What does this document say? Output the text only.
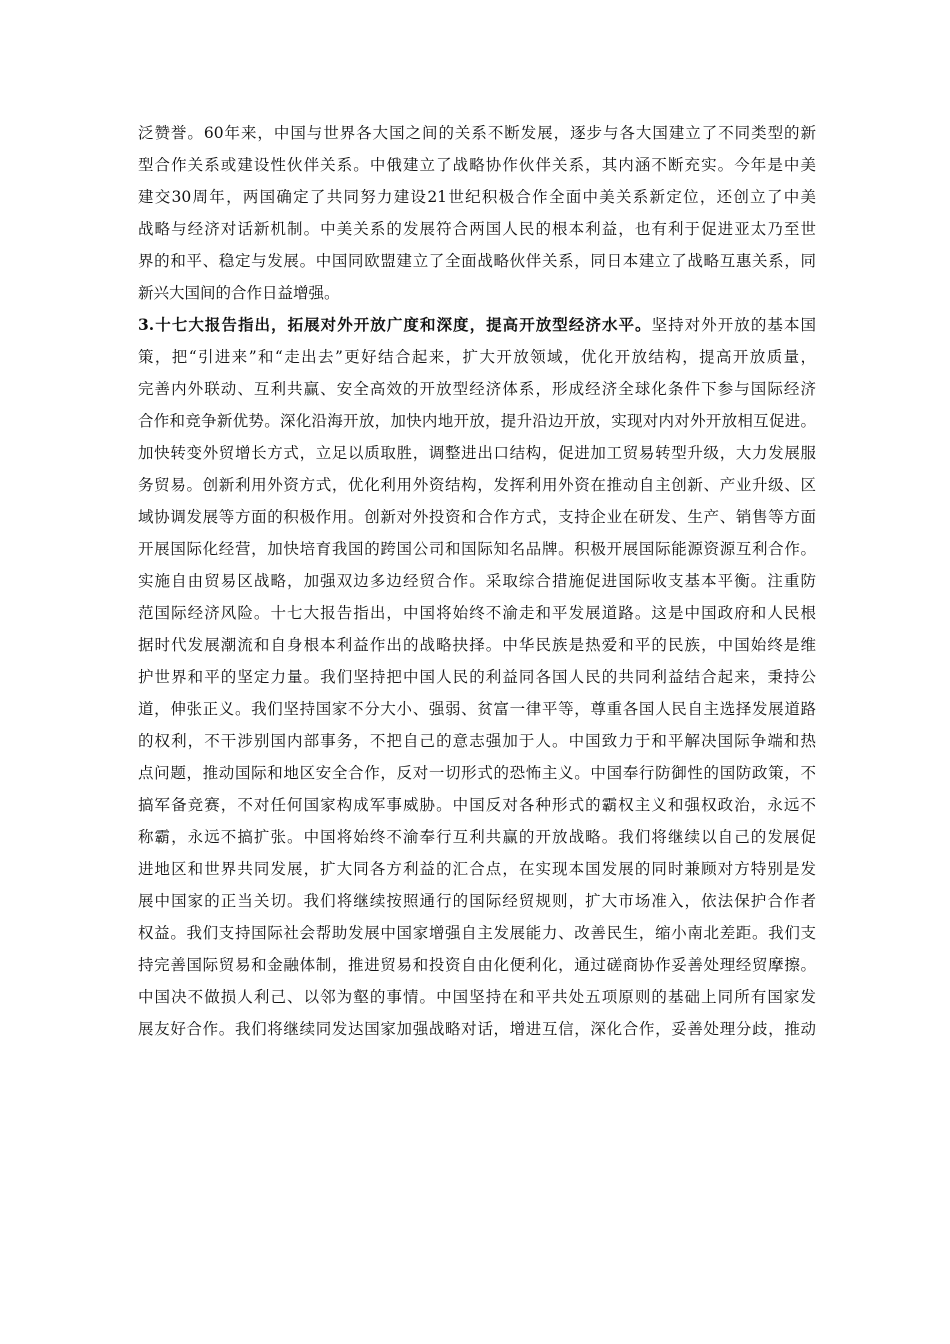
泛赞誉。60年来，中国与世界各大国之间的关系不断发展，逐步与各大国建立了不同类型的新
型合作关系或建设性伙伴关系。中俄建立了战略协作伙伴关系，其内涵不断充实。今年是中美
建交30周年，两国确定了共同努力建设21世纪积极合作全面中美关系新定位，还创立了中美
战略与经济对话新机制。中美关系的发展符合两国人民的根本利益，也有利于促进亚太乃至世
界的和平、稳定与发展。中国同欧盟建立了全面战略伙伴关系，同日本建立了战略互惠关系，同
新兴大国间的合作日益增强。
3.十七大报告指出，拓展对外开放广度和深度，提高开放型经济水平。坚持对外开放的基本国
策，把“引进来”和“走出去”更好结合起来，扩大开放领域，优化开放结构，提高开放质量，
完善内外联动、互利共赢、安全高效的开放型经济体系，形成经济全球化条件下参与国际经济
合作和竞争新优势。深化沿海开放，加快内地开放，提升沿边开放，实现对内对外开放相互促进。
加快转变外贸增长方式，立足以质取胜，调整进出口结构，促进加工贸易转型升级，大力发展服
务贸易。创新利用外资方式，优化利用外资结构，发挥利用外资在推动自主创新、产业升级、区
域协调发展等方面的积极作用。创新对外投资和合作方式，支持企业在研发、生产、销售等方面
开展国际化经营，加快培育我国的跨国公司和国际知名品牌。积极开展国际能源资源互利合作。
实施自由贸易区战略，加强双边多边经贸合作。采取综合措施促进国际收支基本平衡。注重防
范国际经济风险。十七大报告指出，中国将始终不渝走和平发展道路。这是中国政府和人民根
据时代发展潮流和自身根本利益作出的战略抉择。中华民族是热爱和平的民族，中国始终是维
护世界和平的坚定力量。我们坚持把中国人民的利益同各国人民的共同利益结合起来，秉持公
道，伸张正义。我们坚持国家不分大小、强弱、贫富一律平等，尊重各国人民自主选择发展道路
的权利，不干涉别国内部事务，不把自己的意志强加于人。中国致力于和平解决国际争端和热
点问题，推动国际和地区安全合作，反对一切形式的恐怖主义。中国奉行防御性的国防政策，不
搞军备竞赛，不对任何国家构成军事威胁。中国反对各种形式的霸权主义和强权政治，永远不
称霸，永远不搞扩张。中国将始终不渝奉行互利共赢的开放战略。我们将继续以自己的发展促
进地区和世界共同发展，扩大同各方利益的汇合点，在实现本国发展的同时兼顾对方特别是发
展中国家的正当关切。我们将继续按照通行的国际经贸规则，扩大市场准入，依法保护合作者
权益。我们支持国际社会帮助发展中国家增强自主发展能力、改善民生，缩小南北差距。我们支
持完善国际贸易和金融体制，推进贸易和投资自由化便利化，通过磋商协作妥善处理经贸摩擦。
中国决不做损人利己、以邻为壑的事情。中国坚持在和平共处五项原则的基础上同所有国家发
展友好合作。我们将继续同发达国家加强战略对话，增进互信，深化合作，妥善处理分歧，推动
